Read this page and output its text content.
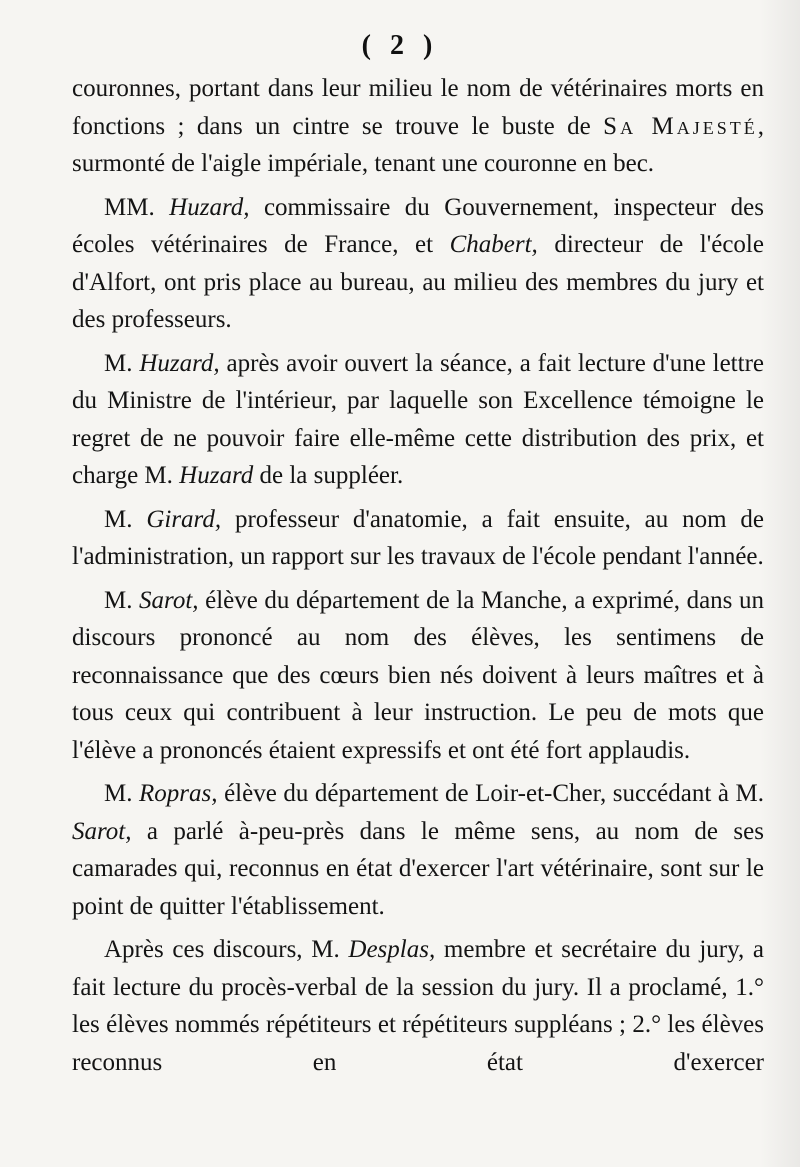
( 2 )

couronnes, portant dans leur milieu le nom de vétérinaires morts en fonctions ; dans un cintre se trouve le buste de Sa Majesté, surmonté de l'aigle impériale, tenant une couronne en bec.

MM. Huzard, commissaire du Gouvernement, inspecteur des écoles vétérinaires de France, et Chabert, directeur de l'école d'Alfort, ont pris place au bureau, au milieu des membres du jury et des professeurs.

M. Huzard, après avoir ouvert la séance, a fait lecture d'une lettre du Ministre de l'intérieur, par laquelle son Excellence témoigne le regret de ne pouvoir faire elle-même cette distribution des prix, et charge M. Huzard de la suppléer.

M. Girard, professeur d'anatomie, a fait ensuite, au nom de l'administration, un rapport sur les travaux de l'école pendant l'année.

M. Sarot, élève du département de la Manche, a exprimé, dans un discours prononcé au nom des élèves, les sentimens de reconnaissance que des cœurs bien nés doivent à leurs maîtres et à tous ceux qui contribuent à leur instruction. Le peu de mots que l'élève a prononcés étaient expressifs et ont été fort applaudis.

M. Ropras, élève du département de Loir-et-Cher, succédant à M. Sarot, a parlé à-peu-près dans le même sens, au nom de ses camarades qui, reconnus en état d'exercer l'art vétérinaire, sont sur le point de quitter l'établissement.

Après ces discours, M. Desplas, membre et secrétaire du jury, a fait lecture du procès-verbal de la session du jury. Il a proclamé, 1.° les élèves nommés répétiteurs et répétiteurs suppléans ; 2.° les élèves reconnus en état d'exercer
